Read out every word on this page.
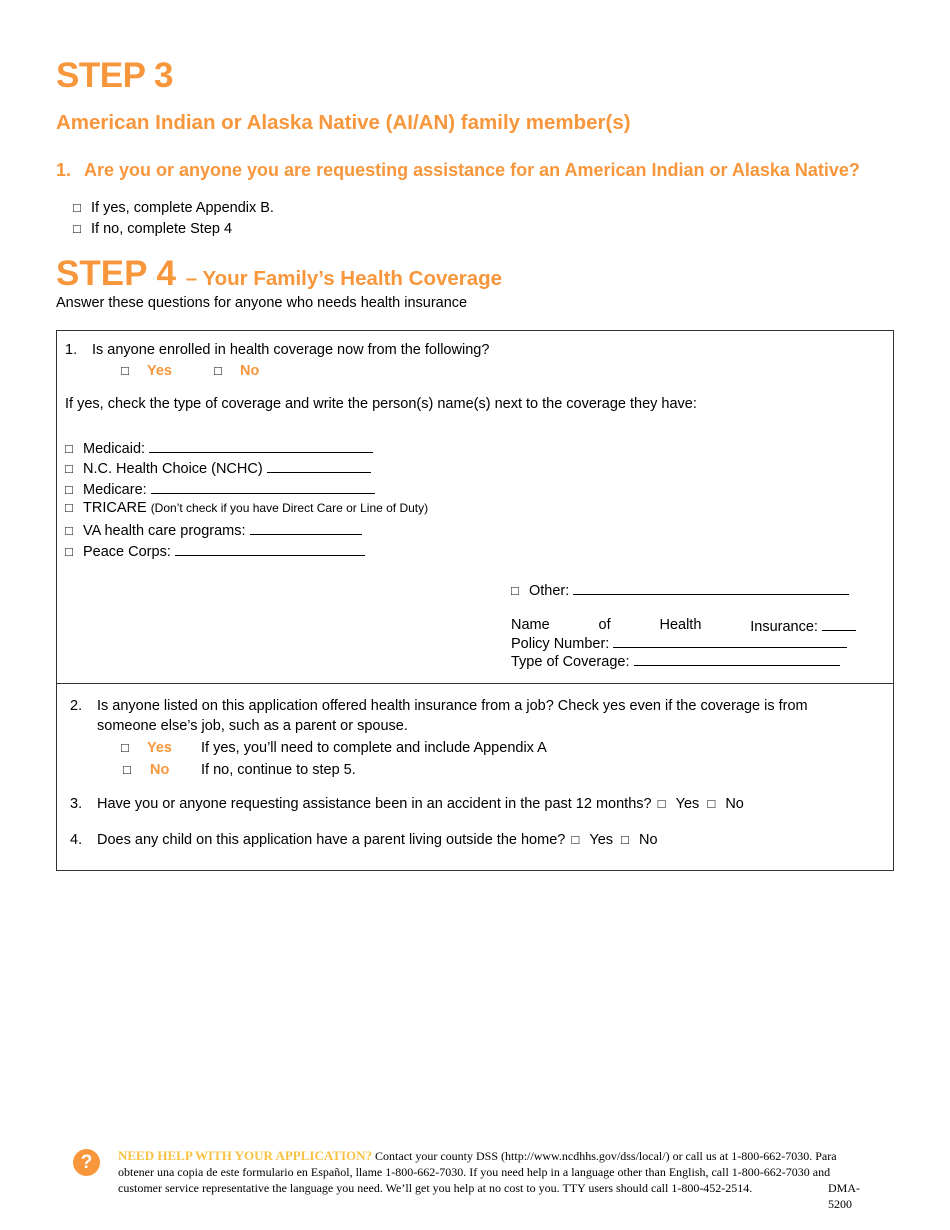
STEP 3
American Indian or Alaska Native (AI/AN) family member(s)
1. Are you or anyone you are requesting assistance for an American Indian or Alaska Native?
□ If yes, complete Appendix B.
□ If no, complete Step 4
STEP 4 – Your Family’s Health Coverage
Answer these questions for anyone who needs health insurance
1. Is anyone enrolled in health coverage now from the following?
□ Yes	□ No
If yes, check the type of coverage and write the person(s) name(s) next to the coverage they have:
□ Medicaid:
□ N.C. Health Choice (NCHC)
□ Medicare:
□ TRICARE (Don’t check if you have Direct Care or Line of Duty)
□ VA health care programs:
□ Peace Corps:
□ Other:
Name	of	Health	Insurance:
Policy Number:
Type of Coverage:
2. Is anyone listed on this application offered health insurance from a job? Check yes even if the coverage is from
someone else’s job, such as a parent or spouse.
□ Yes If yes, you’ll need to complete and include Appendix A
□ No If no, continue to step 5.
3. Have you or anyone requesting assistance been in an accident in the past 12 months? □ Yes □ No
4. Does any child on this application have a parent living outside the home? □ Yes □ No
?	NEED HELP WITH YOUR APPLICATION? Contact your county DSS (http://www.ncdhhs.gov/dss/local/) or call us at 1-800-662-7030. Para obtener una copia de este formulario en Español, llame 1-800-662-7030. If you need help in a language other than English, call 1-800-662-7030 and customer service representative the language you need. We’ll get you help at no cost to you. TTY users should call 1-800-452-2514.	DMA-5200
